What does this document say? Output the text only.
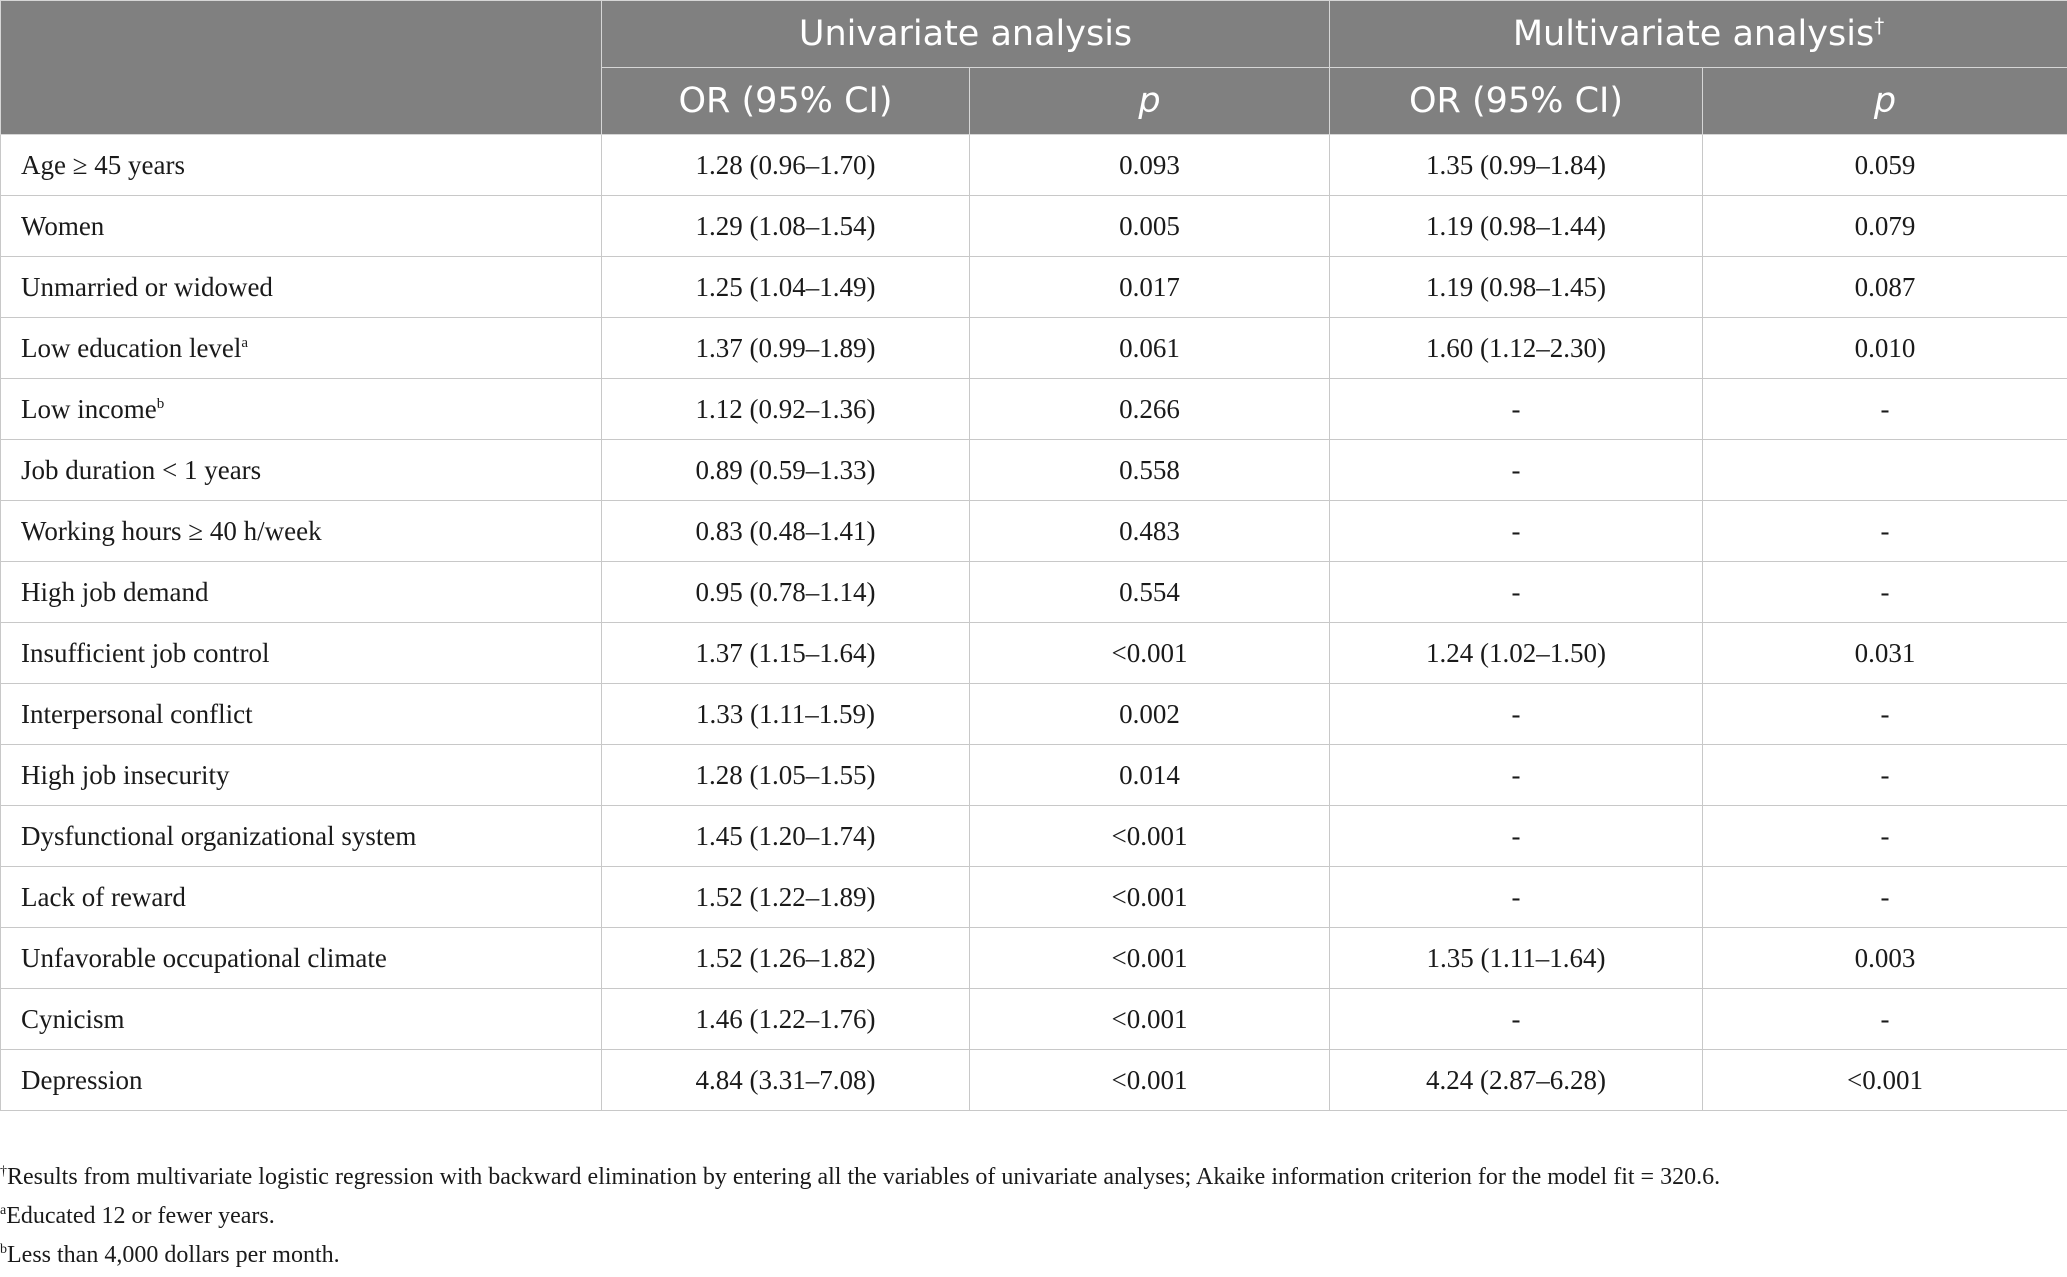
	Univariate analysis		Multivariate analysis†
	OR (95% CI)	p	OR (95% CI)	p
Age ≥ 45 years	1.28 (0.96–1.70)	0.093	1.35 (0.99–1.84)	0.059
Women	1.29 (1.08–1.54)	0.005	1.19 (0.98–1.44)	0.079
Unmarried or widowed	1.25 (1.04–1.49)	0.017	1.19 (0.98–1.45)	0.087
Low education level$^a$	1.37 (0.99–1.89)	0.061	1.60 (1.12–2.30)	0.010
Low income$^b$	1.12 (0.92–1.36)	0.266	-	-
Job duration < 1 years	0.89 (0.59–1.33)	0.558	-	
Working hours ≥ 40 h/week	0.83 (0.48–1.41)	0.483	-	-
High job demand	0.95 (0.78–1.14)	0.554	-	-
Insufficient job control	1.37 (1.15–1.64)	<0.001	1.24 (1.02–1.50)	0.031
Interpersonal conflict	1.33 (1.11–1.59)	0.002	-	-
High job insecurity	1.28 (1.05–1.55)	0.014	-	-
Dysfunctional organizational system	1.45 (1.20–1.74)	<0.001	-	-
Lack of reward	1.52 (1.22–1.89)	<0.001	-	-
Unfavorable occupational climate	1.52 (1.26–1.82)	<0.001	1.35 (1.11–1.64)	0.003
Cynicism	1.46 (1.22–1.76)	<0.001	-	-
Depression	4.84 (3.31–7.08)	<0.001	4.24 (2.87–6.28)	<0.001
†Results from multivariate logistic regression with backward elimination by entering all the variables of univariate analyses; Akaike information criterion for the model fit = 320.6.
$^a$Educated 12 or fewer years.
$^b$Less than 4,000 dollars per month.
